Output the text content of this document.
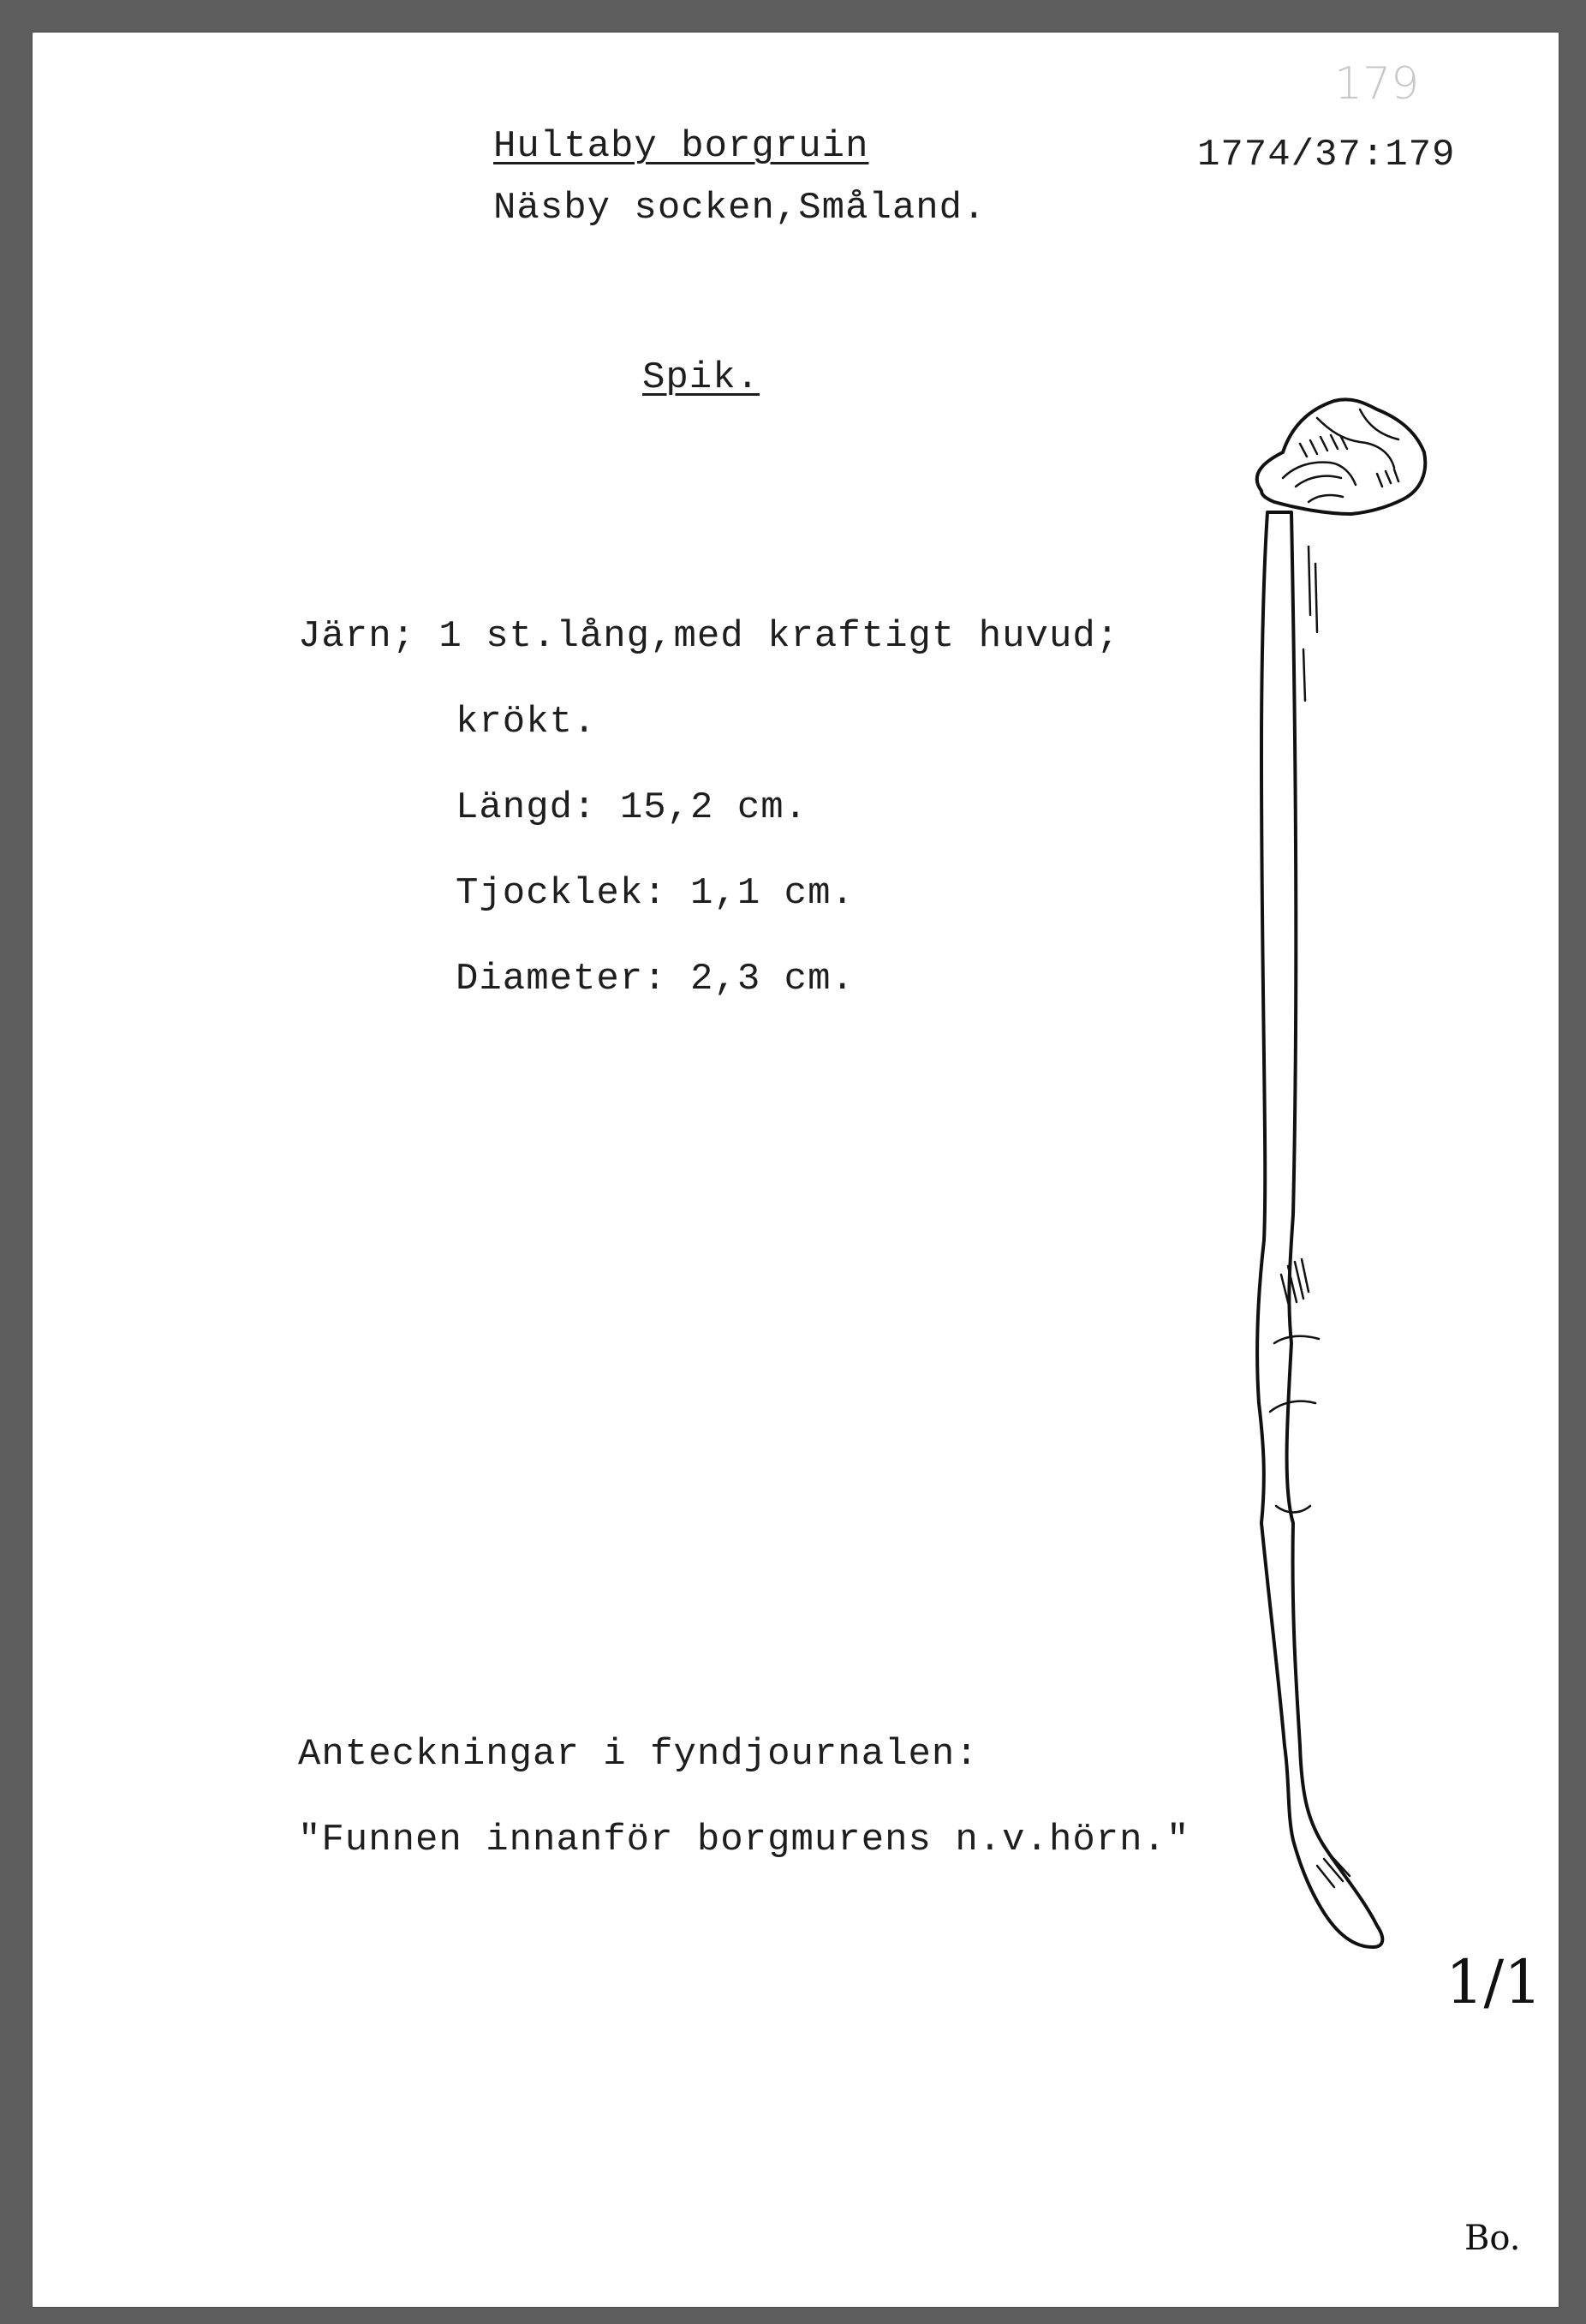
179
Hultaby borgruin	1774/37:179
Näsby socken,Småland.
Spik.
Järn; 1 st.lång,med kraftigt huvud;
krökt.
Längd: 15,2 cm.
Tjocklek: 1,1 cm.
Diameter: 2,3 cm.
Anteckningar i fyndjournalen:
"Funnen innanför borgmurens n.v.hörn."
1/1
Bo.
